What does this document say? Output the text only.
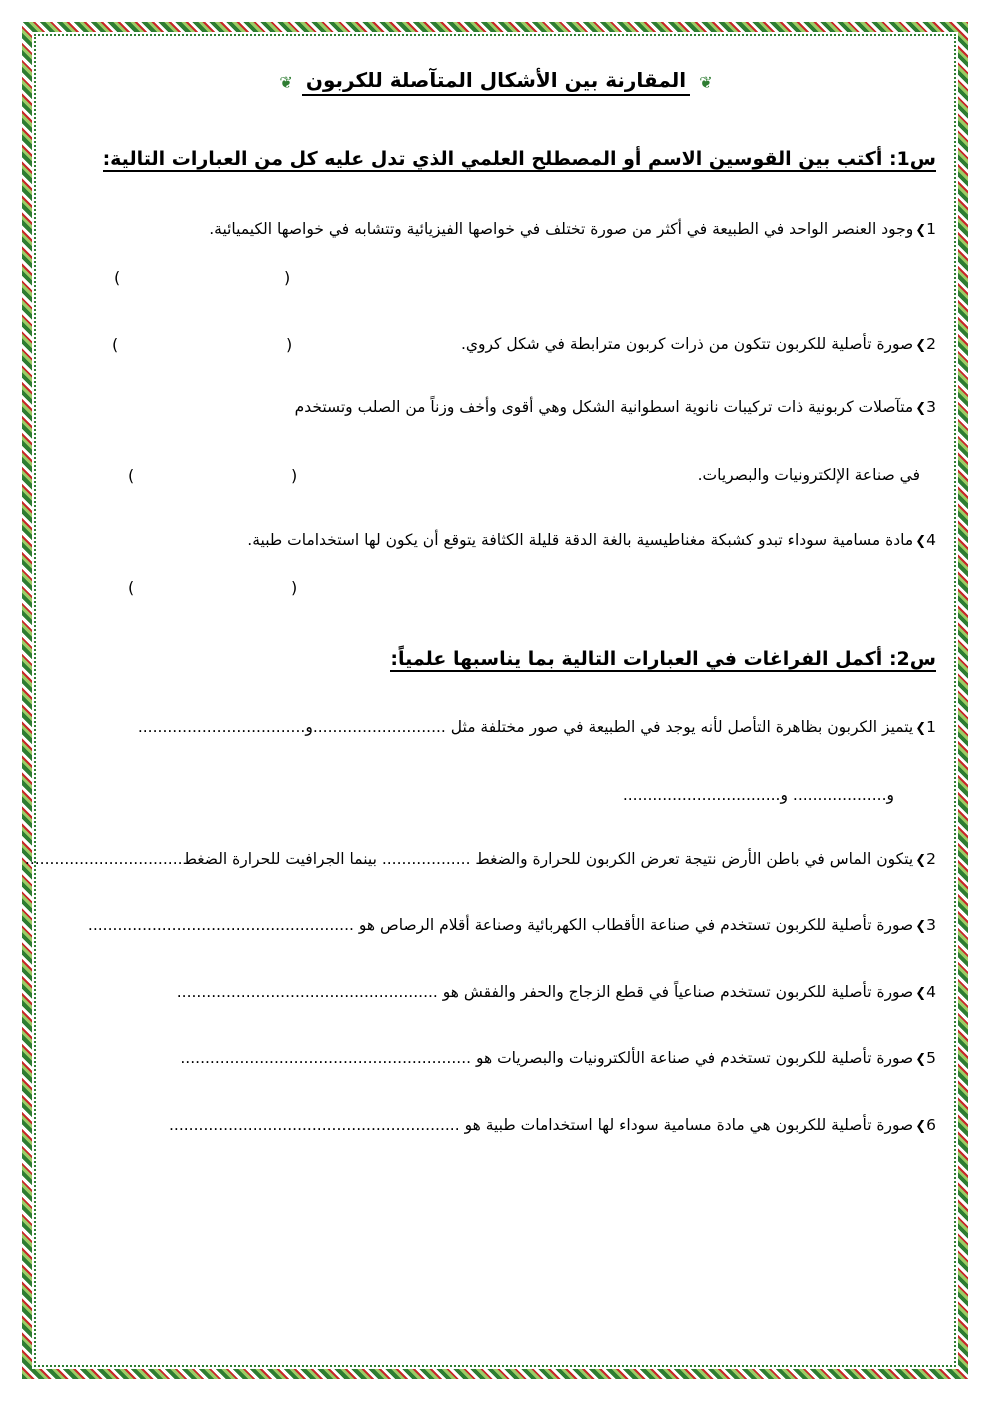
❦ المقارنة بين الأشكال المتآصلة للكربون ❦
س1: أكتب بين القوسين الاسم أو المصطلح العلمي الذي تدل عليه كل من العبارات التالية:
1❯وجود العنصر الواحد في الطبيعة في أكثر من صورة تختلف في خواصها الفيزيائية وتتشابه في خواصها الكيميائية.
(
)
2❯صورة تأصلية للكربون تتكون من ذرات كربون مترابطة في شكل كروي.
(
)
3❯متآصلات كربونية ذات تركيبات نانوية اسطوانية الشكل وهي أقوى وأخف وزناً من الصلب وتستخدم
في صناعة الإلكترونيات والبصريات.
(
)
4❯مادة مسامية سوداء تبدو كشبكة مغناطيسية بالغة الدقة قليلة الكثافة يتوقع أن يكون لها استخدامات طبية.
(
)
س2: أكمل الفراغات في العبارات التالية بما يناسبها علمياً:
1❯يتميز الكربون بظاهرة التأصل لأنه يوجد في الطبيعة في صور مختلفة مثل ...........................و..................................
و................... و................................
2❯يتكون الماس في باطن الأرض نتيجة تعرض الكربون للحرارة والضغط .................. بينما الجرافيت للحرارة الضغط................................
3❯صورة تأصلية للكربون تستخدم في صناعة الأقطاب الكهربائية وصناعة أقلام الرصاص هو ......................................................
4❯صورة تأصلية للكربون تستخدم صناعياً في قطع الزجاج والحفر والفقش هو .....................................................
5❯صورة تأصلية للكربون تستخدم في صناعة الألكترونيات والبصريات هو ...........................................................
6❯صورة تأصلية للكربون هي مادة مسامية سوداء لها استخدامات طبية هو ...........................................................
